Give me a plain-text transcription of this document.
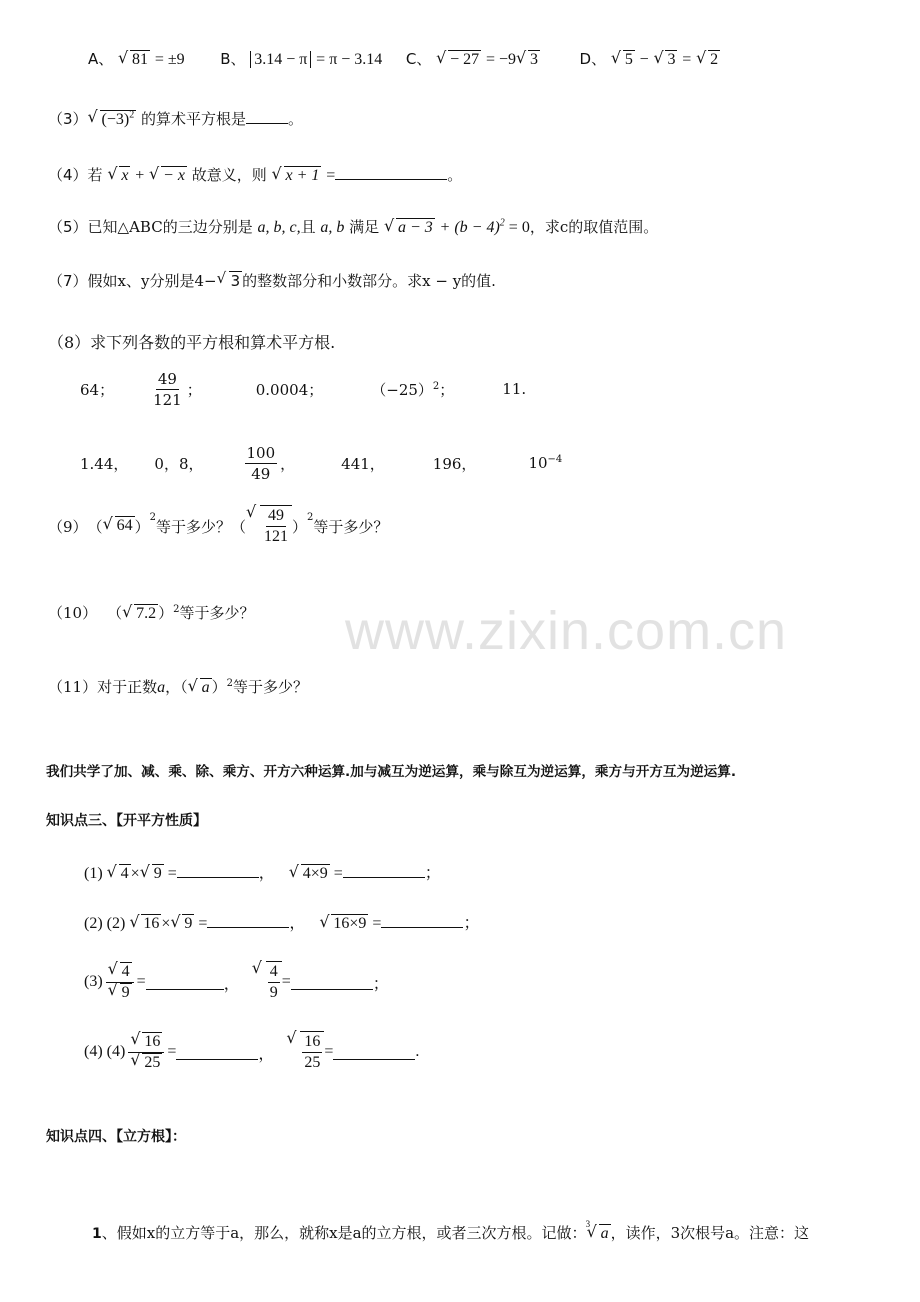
www.zixin.com.cn
A、 √ 81 = ±9 B、 3.14 − π = π − 3.14 C、 √ − 27 = −9 √ 3	D、 √ 5 − √ 3 = √ 2
（3） √ $(-3)^2$ 的算术平方根是	。
（4）若 √ x + √ − x 故意义，则 √ x + 1 =	。
（5）已知△ABC的三边分别是 a, b, c,且 a, b 满足 √ $a - 3 + (b - 4)^2 = 0$，求c的取值范围。
（7）假如x、y分别是4− √ 3 的整数部分和小数部分。求x − y的值.
（8）求下列各数的平方根和算术平方根.
64； $\frac{49}{121}$ ；	0.0004；	$(-25)^2$；	11.
1.44， 0，8，	$\frac{100}{49}$ ，	441，	196，	$10^{-4}$
（9） （ √ 64 ）$^2$ 等于多少？ （ √ $\frac{49}{121} )^2$ 等于多少？
（10） （ √ 7.2 ）$^2$等于多少？
（11）对于正数a，（ √ a ）$^2$等于多少？
我们共学了加、减、乘、除、乘方、开方六种运算.加与减互为逆运算，乘与除互为逆运算，乘方与开方互为逆运算.
知识点三、【开平方性质】
(1) √ 4 × √ 9 =	， √ 4×9 =	；
(2) (2) √ 16 × √ 9 =	， √ 16×9 =	；
(3) √ 4
√ 9 =	， √ $\frac{4}{9}$ =	；
(4) (4) √ 16
√ 25 =	， √ $\frac{16}{25}$ =	.
知识点四、【立方根】：
1、假如x的立方等于a，那么，就称x是a的立方根，或者三次方根。记做： 3
√ a ，读作，3次根号a。注意：这
